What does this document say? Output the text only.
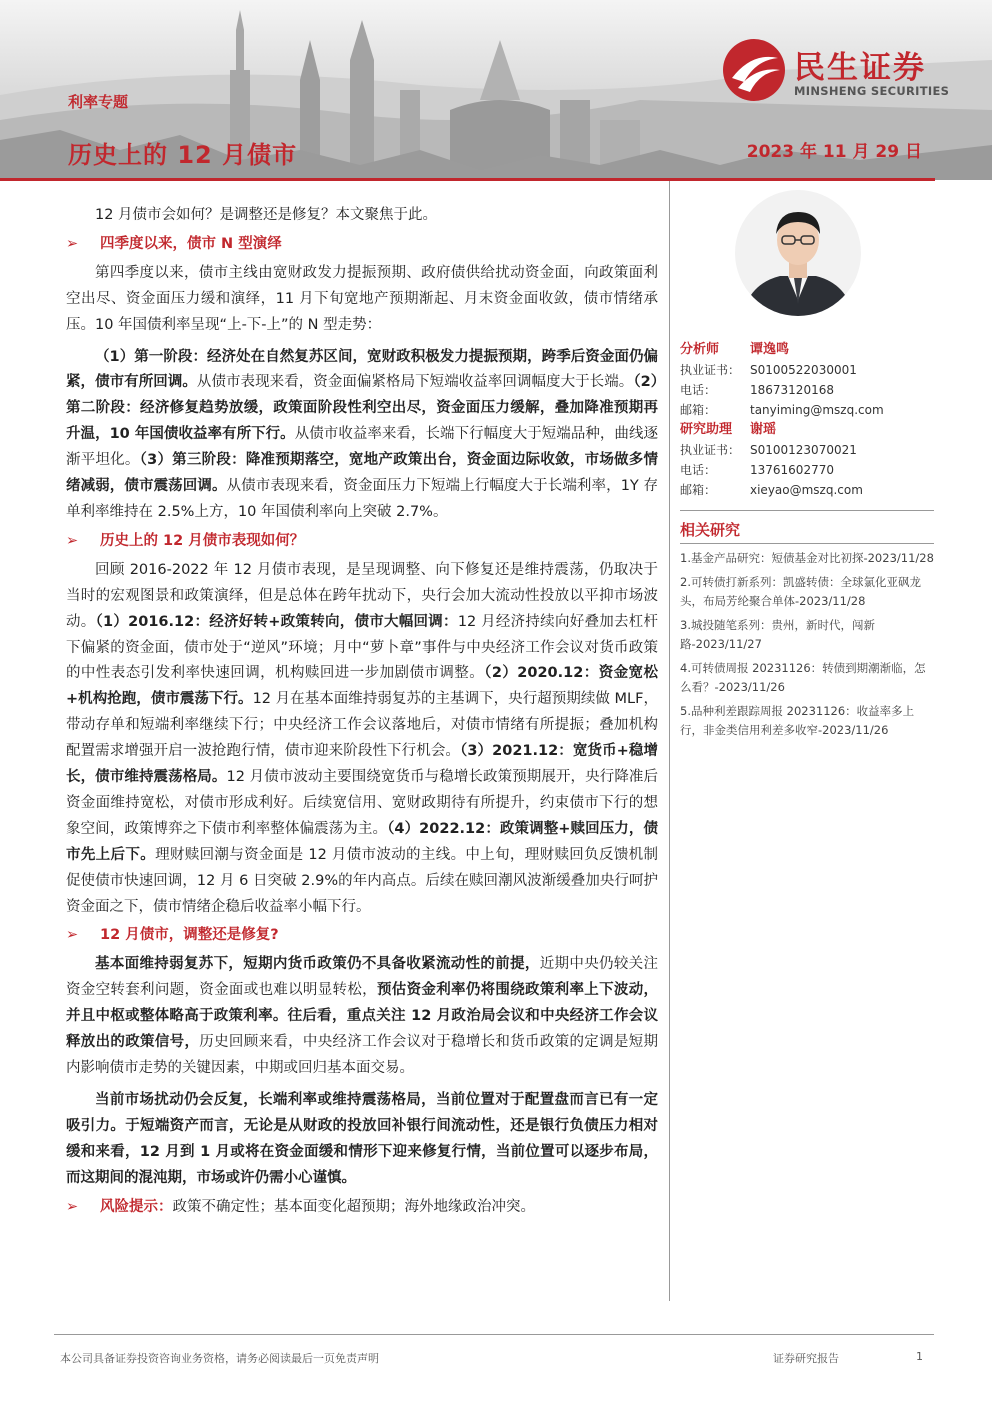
利率专题
历史上的 12 月债市	2023 年 11 月 29 日
民生证券
MINSHENG SECURITIES

12 月债市会如何？是调整还是修复？本文聚焦于此。

➢ 四季度以来，债市 N 型演绎

第四季度以来，债市主线由宽财政发力提振预期、政府债供给扰动资金面，向政策面利空出尽、资金面压力缓和演绎，11 月下旬宽地产预期渐起、月末资金面收敛，债市情绪承压。10 年国债利率呈现“上-下-上”的 N 型走势：

（1）第一阶段：经济处在自然复苏区间，宽财政积极发力提振预期，跨季后资金面仍偏紧，债市有所回调。从债市表现来看，资金面偏紧格局下短端收益率回调幅度大于长端。（2）第二阶段：经济修复趋势放缓，政策面阶段性利空出尽，资金面压力缓解，叠加降准预期再升温，10 年国债收益率有所下行。从债市收益率来看，长端下行幅度大于短端品种，曲线逐渐平坦化。（3）第三阶段：降准预期落空，宽地产政策出台，资金面边际收敛，市场做多情绪减弱，债市震荡回调。从债市表现来看，资金面压力下短端上行幅度大于长端利率，1Y 存单利率维持在 2.5%上方，10 年国债利率向上突破 2.7%。

➢ 历史上的 12 月债市表现如何？

回顾 2016-2022 年 12 月债市表现，是呈现调整、向下修复还是维持震荡，仍取决于当时的宏观图景和政策演绎，但是总体在跨年扰动下，央行会加大流动性投放以平抑市场波动。（1）2016.12：经济好转+政策转向，债市大幅回调：12 月经济持续向好叠加去杠杆下偏紧的资金面，债市处于“逆风”环境；月中“萝卜章”事件与中央经济工作会议对货币政策的中性表态引发利率快速回调，机构赎回进一步加剧债市调整。（2）2020.12：资金宽松+机构抢跑，债市震荡下行。12 月在基本面维持弱复苏的主基调下，央行超预期续做 MLF，带动存单和短端利率继续下行；中央经济工作会议落地后，对债市情绪有所提振；叠加机构配置需求增强开启一波抢跑行情，债市迎来阶段性下行机会。（3）2021.12：宽货币+稳增长，债市维持震荡格局。12 月债市波动主要围绕宽货币与稳增长政策预期展开，央行降准后资金面维持宽松，对债市形成利好。后续宽信用、宽财政期待有所提升，约束债市下行的想象空间，政策博弈之下债市利率整体偏震荡为主。（4）2022.12：政策调整+赎回压力，债市先上后下。理财赎回潮与资金面是 12 月债市波动的主线。中上旬，理财赎回负反馈机制促使债市快速回调，12 月 6 日突破 2.9%的年内高点。后续在赎回潮风波渐缓叠加央行呵护资金面之下，债市情绪企稳后收益率小幅下行。

➢ 12 月债市，调整还是修复?

基本面维持弱复苏下，短期内货币政策仍不具备收紧流动性的前提，近期中央仍较关注资金空转套利问题，资金面或也难以明显转松，预估资金利率仍将围绕政策利率上下波动，并且中枢或整体略高于政策利率。往后看，重点关注 12 月政治局会议和中央经济工作会议释放出的政策信号，历史回顾来看，中央经济工作会议对于稳增长和货币政策的定调是短期内影响债市走势的关键因素，中期或回归基本面交易。

当前市场扰动仍会反复，长端利率或维持震荡格局，当前位置对于配置盘而言已有一定吸引力。于短端资产而言，无论是从财政的投放回补银行间流动性，还是银行负债压力相对缓和来看，12 月到 1 月或将在资金面缓和情形下迎来修复行情，当前位置可以逐步布局，而这期间的混沌期，市场或许仍需小心谨慎。

➢ 风险提示：政策不确定性；基本面变化超预期；海外地缘政治冲突。

分析师 谭逸鸣
执业证书： S0100522030001
电话：	18673120168
邮箱：	tanyiming@mszq.com
研究助理 谢瑶
执业证书： S0100123070021
电话：	13761602770
邮箱：	xieyao@mszq.com
相关研究
1.基金产品研究：短债基金对比初探-2023/11/28
2.可转债打新系列：凯盛转债：全球氯化亚砜龙头，布局芳纶聚合单体-2023/11/28
3.城投随笔系列：贵州，新时代，闯新路-2023/11/27
4.可转债周报 20231126：转债到期潮渐临，怎么看？-2023/11/26
5.品种利差跟踪周报 20231126：收益率多上行，非金类信用利差多收窄-2023/11/26
本公司具备证券投资咨询业务资格，请务必阅读最后一页免责声明	证券研究报告	1
